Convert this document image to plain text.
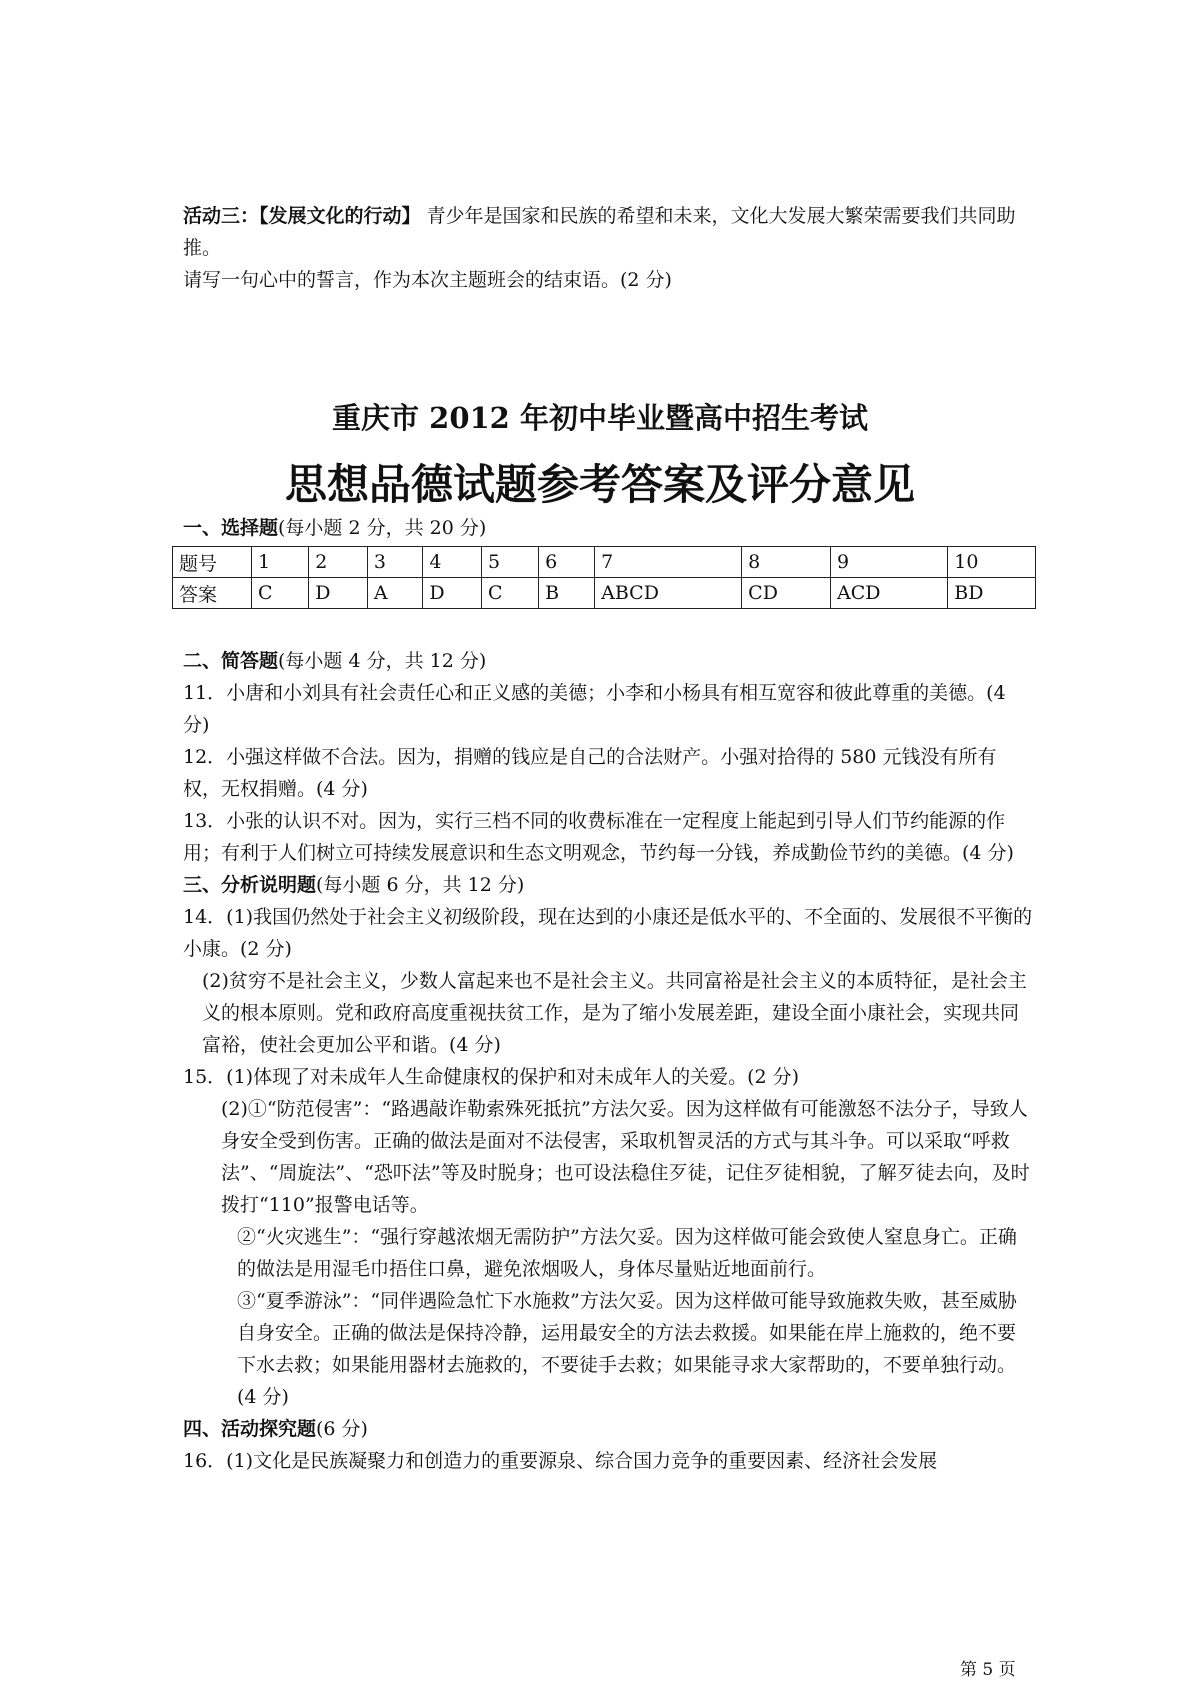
活动三：【发展文化的行动】 青少年是国家和民族的希望和未来，文化大发展大繁荣需要我们共同助推。

请写一句心中的誓言，作为本次主题班会的结束语。(2 分)

重庆市 2012 年初中毕业暨高中招生考试
思想品德试题参考答案及评分意见
一、选择题(每小题 2 分，共 20 分)
题号	1	2	3	4	5	6	7	8	9	10
答案	C	D	A	D	C	B	ABCD	CD	ACD	BD

二、简答题(每小题 4 分，共 12 分)

11．小唐和小刘具有社会责任心和正义感的美德；小李和小杨具有相互宽容和彼此尊重的美德。(4 分)

12．小强这样做不合法。因为，捐赠的钱应是自己的合法财产。小强对拾得的 580 元钱没有所有权，无权捐赠。(4 分)

13．小张的认识不对。因为，实行三档不同的收费标准在一定程度上能起到引导人们节约能源的作用；有利于人们树立可持续发展意识和生态文明观念，节约每一分钱，养成勤俭节约的美德。(4 分)

三、分析说明题(每小题 6 分，共 12 分)

14．(1)我国仍然处于社会主义初级阶段，现在达到的小康还是低水平的、不全面的、发展很不平衡的小康。(2 分)

(2)贫穷不是社会主义，少数人富起来也不是社会主义。共同富裕是社会主义的本质特征，是社会主义的根本原则。党和政府高度重视扶贫工作，是为了缩小发展差距，建设全面小康社会，实现共同富裕，使社会更加公平和谐。(4 分)

15．(1)体现了对未成年人生命健康权的保护和对未成年人的关爱。(2 分)

(2)①“防范侵害”：“路遇敲诈勒索殊死抵抗”方法欠妥。因为这样做有可能激怒不法分子，导致人身安全受到伤害。正确的做法是面对不法侵害，采取机智灵活的方式与其斗争。可以采取“呼救法”、“周旋法”、“恐吓法”等及时脱身；也可设法稳住歹徒，记住歹徒相貌，了解歹徒去向，及时拨打“110”报警电话等。

②“火灾逃生”：“强行穿越浓烟无需防护”方法欠妥。因为这样做可能会致使人窒息身亡。正确的做法是用湿毛巾捂住口鼻，避免浓烟吸人，身体尽量贴近地面前行。

③“夏季游泳”：“同伴遇险急忙下水施救”方法欠妥。因为这样做可能导致施救失败，甚至威胁自身安全。正确的做法是保持冷静，运用最安全的方法去救援。如果能在岸上施救的，绝不要下水去救；如果能用器材去施救的，不要徒手去救；如果能寻求大家帮助的，不要单独行动。(4 分)

四、活动探究题(6 分)

16．(1)文化是民族凝聚力和创造力的重要源泉、综合国力竞争的重要因素、经济社会发展

第 5 页
